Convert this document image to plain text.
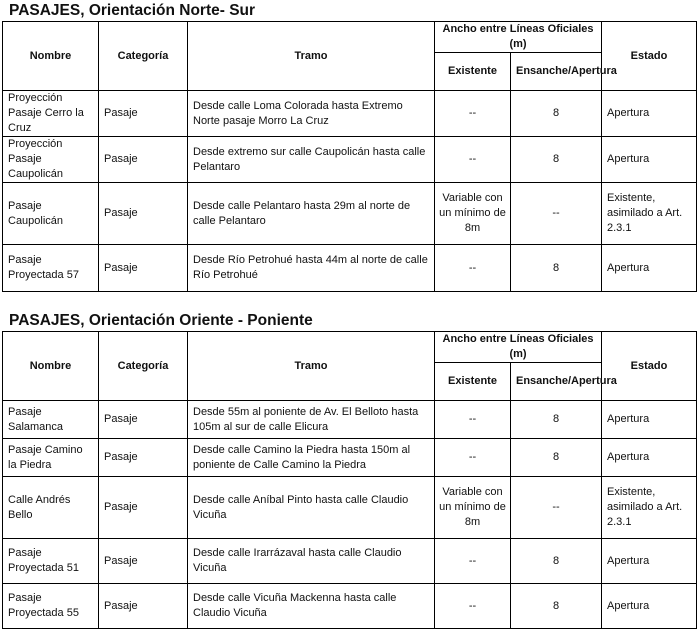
PASAJES, Orientación Norte- Sur
Nombre	Categoría	Tramo	Ancho entre Líneas Oficiales (m)		Estado
			Existente	Ensanche/Apertura	
Proyección Pasaje Cerro la Cruz	Pasaje	Desde calle Loma Colorada hasta Extremo Norte pasaje Morro La Cruz	--	8	Apertura
Proyección Pasaje Caupolicán	Pasaje	Desde extremo sur calle Caupolicán hasta calle Pelantaro	--	8	Apertura
Pasaje Caupolicán	Pasaje	Desde calle Pelantaro hasta 29m al norte de calle Pelantaro	Variable con un mínimo de 8m	--	Existente, asimilado a Art. 2.3.1
Pasaje Proyectada 57	Pasaje	Desde Río Petrohué hasta 44m al norte de calle Río Petrohué	--	8	Apertura
PASAJES, Orientación Oriente - Poniente
Nombre	Categoría	Tramo	Ancho entre Líneas Oficiales (m)		Estado
			Existente	Ensanche/Apertura	
Pasaje Salamanca	Pasaje	Desde 55m al poniente de Av. El Belloto hasta 105m al sur de calle Elicura	--	8	Apertura
Pasaje Camino la Piedra	Pasaje	Desde calle Camino la Piedra hasta 150m al poniente de Calle Camino la Piedra	--	8	Apertura
Calle Andrés Bello	Pasaje	Desde calle Aníbal Pinto hasta calle Claudio Vicuña	Variable con un mínimo de 8m	--	Existente, asimilado a Art. 2.3.1
Pasaje Proyectada 51	Pasaje	Desde calle Irarrázaval hasta calle Claudio Vicuña	--	8	Apertura
Pasaje Proyectada 55	Pasaje	Desde calle Vicuña Mackenna hasta calle Claudio Vicuña	--	8	Apertura
